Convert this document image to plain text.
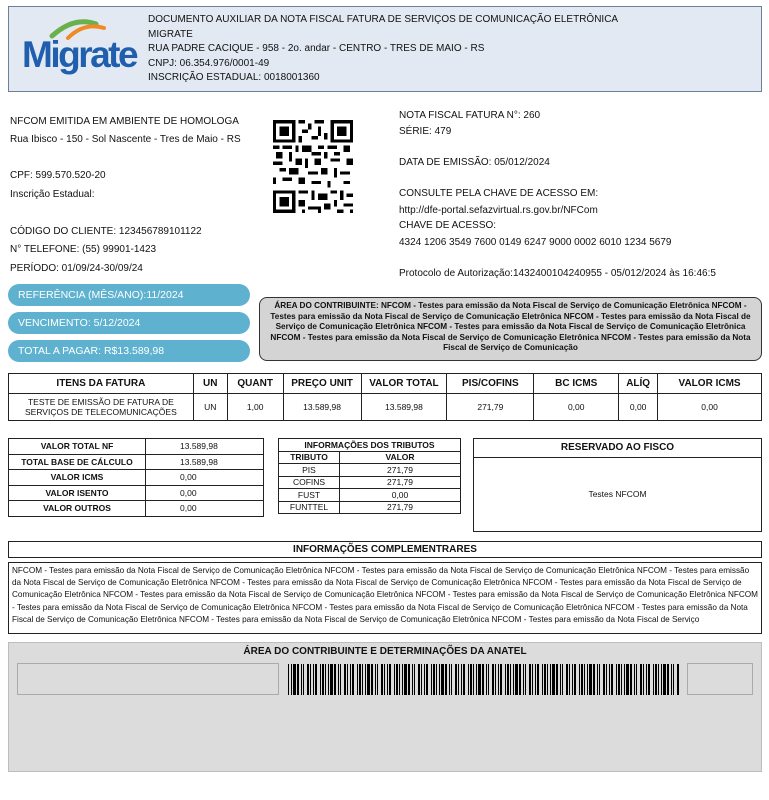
Migrate
DOCUMENTO AUXILIAR DA NOTA FISCAL FATURA DE SERVIÇOS DE COMUNICAÇÃO ELETRÔNICA
MIGRATE
RUA PADRE CACIQUE - 958 - 2o. andar - CENTRO - TRES DE MAIO - RS
CNPJ: 06.354.976/0001-49
INSCRIÇÃO ESTADUAL: 0018001360
NFCOM EMITIDA EM AMBIENTE DE HOMOLOGA
Rua Ibisco - 150 - Sol Nascente - Tres de Maio - RS
CPF: 599.570.520-20
Inscrição Estadual:
CÓDIGO DO CLIENTE: 123456789101122
N° TELEFONE: (55) 99901-1423
PERÍODO: 01/09/24-30/09/24
NOTA FISCAL FATURA N°: 260
SÉRIE: 479
DATA DE EMISSÃO: 05/012/2024
CONSULTE PELA CHAVE DE ACESSO EM:
http://dfe-portal.sefazvirtual.rs.gov.br/NFCom
CHAVE DE ACESSO:
4324 1206 3549 7600 0149 6247 9000 0002 6010 1234 5679
Protocolo de Autorização:1432400104240955 - 05/012/2024 às 16:46:5
REFERÊNCIA (MÊS/ANO):11/2024
VENCIMENTO: 5/12/2024
TOTAL A PAGAR: R$13.589,98
ÁREA DO CONTRIBUINTE: NFCOM - Testes para emissão da Nota Fiscal de Serviço de Comunicação Eletrônica NFCOM - Testes para emissão da Nota Fiscal de Serviço de Comunicação Eletrônica NFCOM - Testes para emissão da Nota Fiscal de Serviço de Comunicação Eletrônica NFCOM - Testes para emissão da Nota Fiscal de Serviço de Comunicação Eletrônica NFCOM - Testes para emissão da Nota Fiscal de Serviço de Comunicação Eletrônica NFCOM - Testes para emissão da Nota Fiscal de Serviço de Comunicação
ITENS DA FATURA	UN	QUANT	PREÇO UNIT	VALOR TOTAL	PIS/COFINS	BC ICMS	ALÍQ	VALOR ICMS
TESTE DE EMISSÃO DE FATURA DE SERVIÇOS DE TELECOMUNICAÇÕES	UN	1,00	13.589,98	13.589,98	271,79	0,00	0,00	0,00
VALOR TOTAL NF	13.589,98
TOTAL BASE DE CÁLCULO	13.589,98
VALOR ICMS	0,00
VALOR ISENTO	0,00
VALOR OUTROS	0,00
INFORMAÇÕES DOS TRIBUTOS	
TRIBUTO	VALOR
PIS	271,79
COFINS	271,79
FUST	0,00
FUNTTEL	271,79
RESERVADO AO FISCO
Testes NFCOM
INFORMAÇÕES COMPLEMENTRARES
NFCOM - Testes para emissão da Nota Fiscal de Serviço de Comunicação Eletrônica NFCOM - Testes para emissão da Nota Fiscal de Serviço de Comunicação Eletrônica NFCOM - Testes para emissão da Nota Fiscal de Serviço de Comunicação Eletrônica NFCOM - Testes para emissão da Nota Fiscal de Serviço de Comunicação Eletrônica NFCOM - Testes para emissão da Nota Fiscal de Serviço de Comunicação Eletrônica NFCOM - Testes para emissão da Nota Fiscal de Serviço de Comunicação Eletrônica NFCOM - Testes para emissão da Nota Fiscal de Serviço de Comunicação Eletrônica NFCOM - Testes para emissão da Nota Fiscal de Serviço de Comunicação Eletrônica NFCOM - Testes para emissão da Nota Fiscal de Serviço de Comunicação Eletrônica NFCOM - Testes para emissão da Nota Fiscal de Serviço de Comunicação Eletrônica NFCOM - Testes para emissão da Nota Fiscal de Serviço de Comunicação Eletrônica NFCOM - Testes para emissão da Nota Fiscal de Serviço
ÁREA DO CONTRIBUINTE E DETERMINAÇÕES DA ANATEL
